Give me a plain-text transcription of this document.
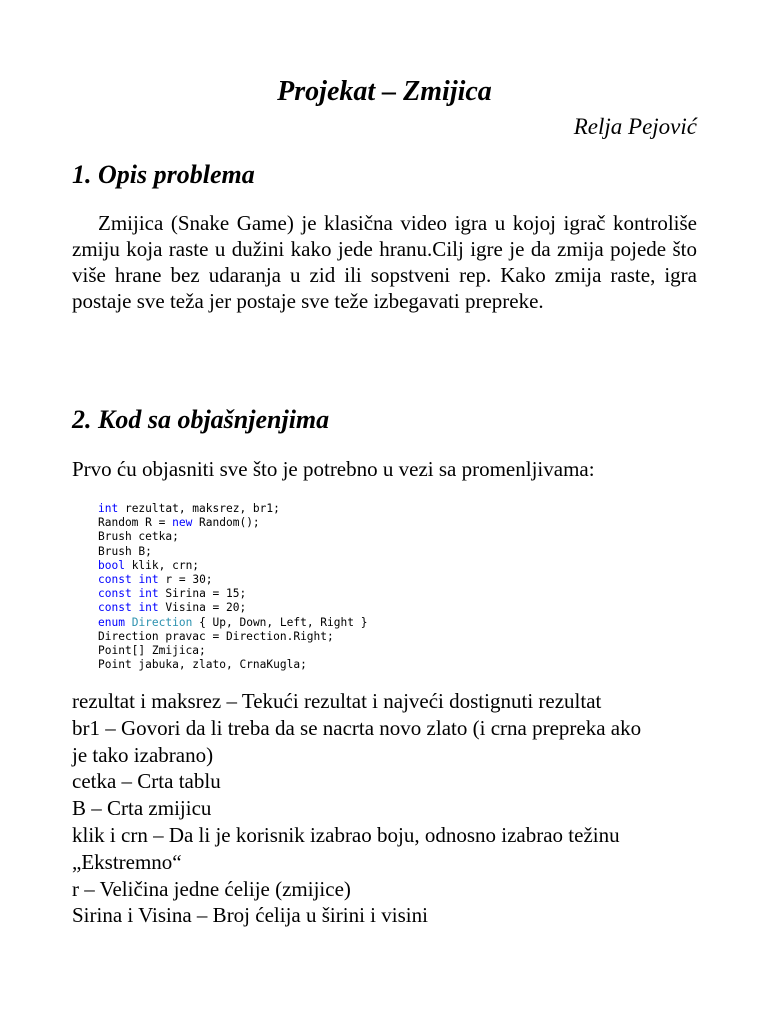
Projekat – Zmijica
Relja Pejović
1. Opis problema

Zmijica (Snake Game) je klasična video igra u kojoj igrač kontroliše zmiju koja raste u dužini kako jede hranu.Cilj igre je da zmija pojede što više hrane bez udaranja u zid ili sopstveni rep. Kako zmija raste, igra postaje sve teža jer postaje sve teže izbegavati prepreke.

2. Kod sa objašnjenjima

Prvo ću objasniti sve što je potrebno u vezi sa promenljivama:

int rezultat, maksrez, br1;
Random R = new Random();
Brush cetka;
Brush B;
bool klik, crn;
const int r = 30;
const int Sirina = 15;
const int Visina = 20;
enum Direction { Up, Down, Left, Right }
Direction pravac = Direction.Right;
Point[] Zmijica;
Point jabuka, zlato, CrnaKugla;
rezultat i maksrez – Tekući rezultat i najveći dostignuti rezultat
br1 – Govori da li treba da se nacrta novo zlato (i crna prepreka ako
je tako izabrano)
cetka – Crta tablu
B – Crta zmijicu
klik i crn – Da li je korisnik izabrao boju, odnosno izabrao težinu
„Ekstremno“
r – Veličina jedne ćelije (zmijice)
Sirina i Visina – Broj ćelija u širini i visini
